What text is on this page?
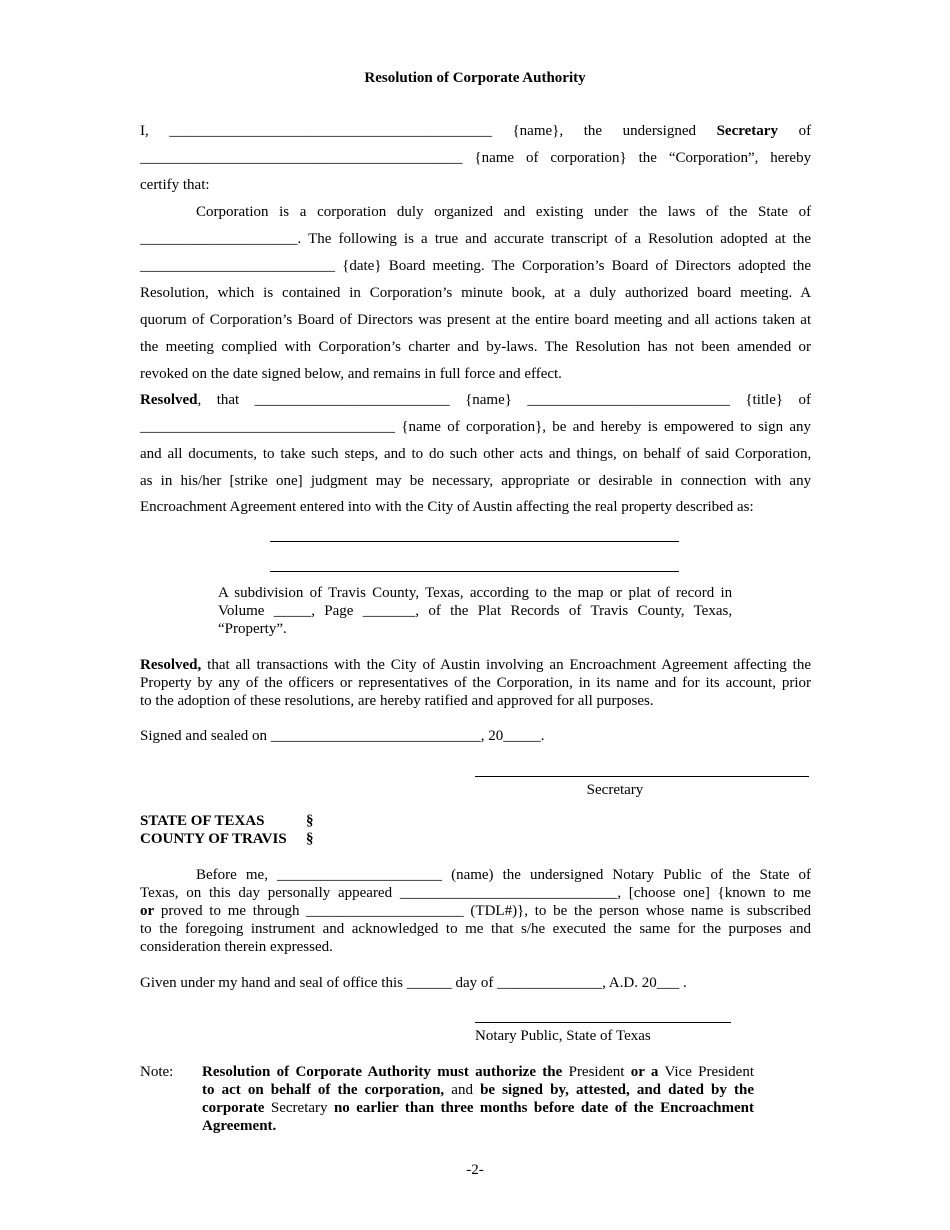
Resolution of Corporate Authority
I, ___________________________________________ {name}, the undersigned Secretary of
___________________________________________ {name of corporation} the “Corporation”, hereby
certify that:
Corporation is a corporation duly organized and existing under the laws of the State of
_____________________. The following is a true and accurate transcript of a Resolution adopted at the
__________________________ {date} Board meeting. The Corporation’s Board of Directors adopted the
Resolution, which is contained in Corporation’s minute book, at a duly authorized board meeting. A
quorum of Corporation’s Board of Directors was present at the entire board meeting and all actions taken at
the meeting complied with Corporation’s charter and by-laws. The Resolution has not been amended or
revoked on the date signed below, and remains in full force and effect.
Resolved, that __________________________ {name} ___________________________ {title} of
__________________________________ {name of corporation}, be and hereby is empowered to sign any
and all documents, to take such steps, and to do such other acts and things, on behalf of said Corporation,
as in his/her [strike one] judgment may be necessary, appropriate or desirable in connection with any
Encroachment Agreement entered into with the City of Austin affecting the real property described as:
A subdivision of Travis County, Texas, according to the map or plat of record in
Volume _____, Page _______, of the Plat Records of Travis County, Texas,
“Property”.
Resolved, that all transactions with the City of Austin involving an Encroachment Agreement affecting the
Property by any of the officers or representatives of the Corporation, in its name and for its account, prior
to the adoption of these resolutions, are hereby ratified and approved for all purposes.
Signed and sealed on ____________________________, 20_____.
Secretary
STATE OF TEXAS	§
COUNTY OF TRAVIS §
Before me, ______________________ (name) the undersigned Notary Public of the State of
Texas, on this day personally appeared _____________________________, [choose one] {known to me
or proved to me through _____________________ (TDL#)}, to be the person whose name is subscribed
to the foregoing instrument and acknowledged to me that s/he executed the same for the purposes and
consideration therein expressed.
Given under my hand and seal of office this ______ day of ______________, A.D. 20___ .
Notary Public, State of Texas
Note: Resolution of Corporate Authority must authorize the President or a Vice President
to act on behalf of the corporation, and be signed by, attested, and dated by the
corporate Secretary no earlier than three months before date of the Encroachment
Agreement.
-2-
